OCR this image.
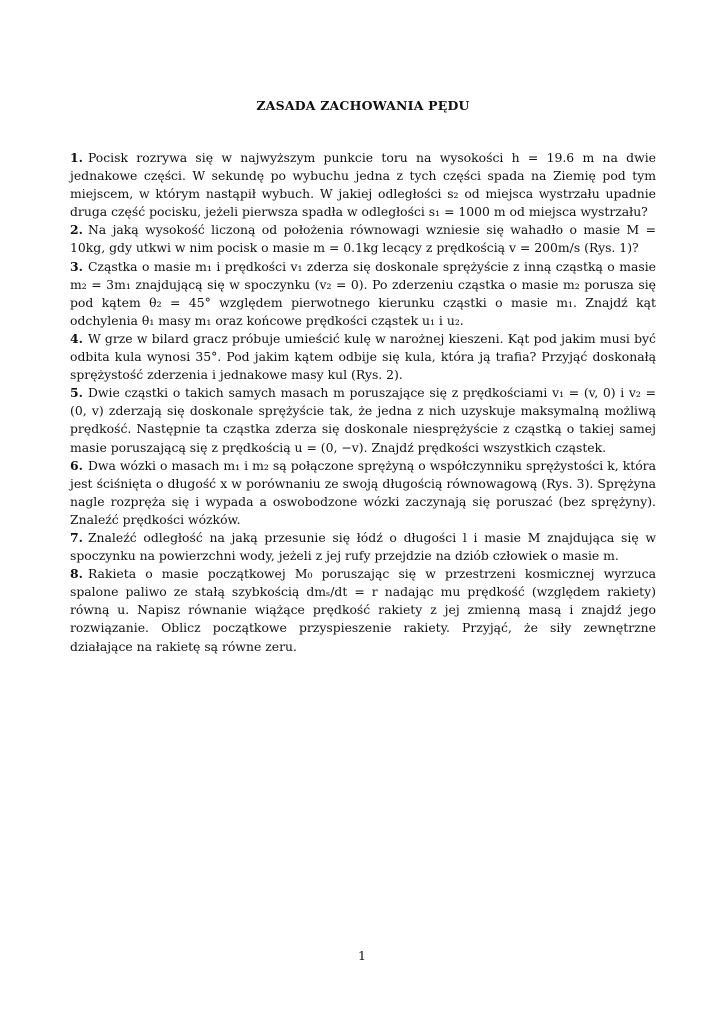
ZASADA ZACHOWANIA PĘDU

1. Pocisk rozrywa się w najwyższym punkcie toru na wysokości h = 19.6 m na dwie jednakowe części. W sekundę po wybuchu jedna z tych części spada na Ziemię pod tym miejscem, w którym nastąpił wybuch. W jakiej odległości s₂ od miejsca wystrzału upadnie druga część pocisku, jeżeli pierwsza spadła w odległości s₁ = 1000 m od miejsca wystrzału?

2. Na jaką wysokość liczoną od położenia równowagi wzniesie się wahadło o masie M = 10kg, gdy utkwi w nim pocisk o masie m = 0.1kg lecący z prędkością v = 200m/s (Rys. 1)?

3. Cząstka o masie m₁ i prędkości v₁ zderza się doskonale sprężyście z inną cząstką o masie m₂ = 3m₁ znajdującą się w spoczynku (v₂ = 0). Po zderzeniu cząstka o masie m₂ porusza się pod kątem θ₂ = 45° względem pierwotnego kierunku cząstki o masie m₁. Znajdź kąt odchylenia θ₁ masy m₁ oraz końcowe prędkości cząstek u₁ i u₂.

4. W grze w bilard gracz próbuje umieścić kulę w narożnej kieszeni. Kąt pod jakim musi być odbita kula wynosi 35°. Pod jakim kątem odbije się kula, która ją trafia? Przyjąć doskonałą sprężystość zderzenia i jednakowe masy kul (Rys. 2).

5. Dwie cząstki o takich samych masach m poruszające się z prędkościami v₁ = (v, 0) i v₂ = (0, v) zderzają się doskonale sprężyście tak, że jedna z nich uzyskuje maksymalną możliwą prędkość. Następnie ta cząstka zderza się doskonale niesprężyście z cząstką o takiej samej masie poruszającą się z prędkością u = (0, −v). Znajdź prędkości wszystkich cząstek.

6. Dwa wózki o masach m₁ i m₂ są połączone sprężyną o współczynniku sprężystości k, która jest ściśnięta o długość x w porównaniu ze swoją długością równowagową (Rys. 3). Sprężyna nagle rozpręża się i wypada a oswobodzone wózki zaczynają się poruszać (bez sprężyny). Znaleźć prędkości wózków.

7. Znaleźć odległość na jaką przesunie się łódź o długości l i masie M znajdująca się w spoczynku na powierzchni wody, jeżeli z jej rufy przejdzie na dziób człowiek o masie m.

8. Rakieta o masie początkowej M₀ poruszając się w przestrzeni kosmicznej wyrzuca spalone paliwo ze stałą szybkością dmₛ/dt = r nadając mu prędkość (względem rakiety) równą u. Napisz równanie wiążące prędkość rakiety z jej zmienną masą i znajdź jego rozwiązanie. Oblicz początkowe przyspieszenie rakiety. Przyjąć, że siły zewnętrzne działające na rakietę są równe zeru.

1
